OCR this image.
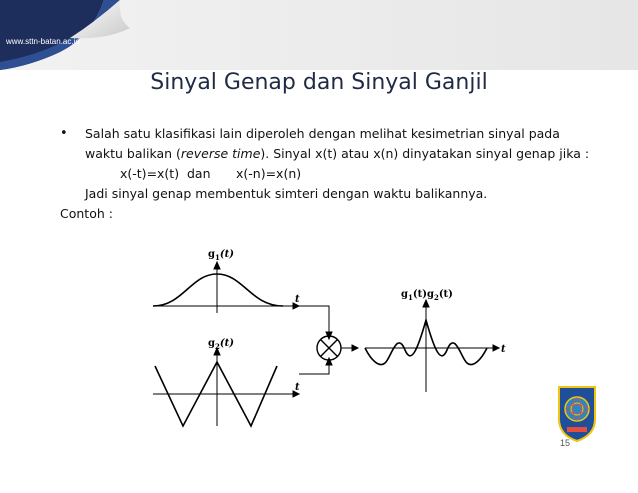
www.sttn-batan.ac.id
Sinyal Genap dan Sinyal Ganjil
• Salah satu klasifikasi lain diperoleh dengan melihat kesimetrian sinyal pada
waktu balikan (reverse time). Sinyal x(t) atau x(n) dinyatakan sinyal genap jika :
x(-t)=x(t) dan x(-n)=x(n)
Jadi sinyal genap membentuk simteri dengan waktu balikannya.
Contoh :
$g_1(t)$
t
$g_2(t)$
t
$g_1(t)g_2(t)$
t
15
